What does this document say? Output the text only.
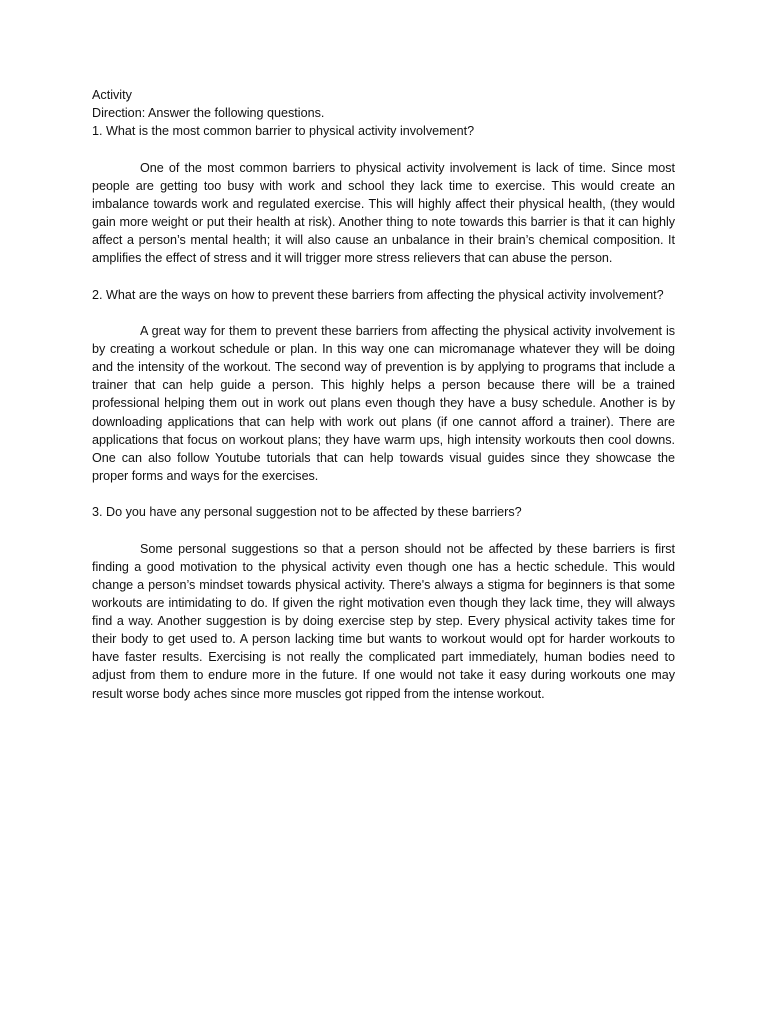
Activity
Direction: Answer the following questions.
1. What is the most common barrier to physical activity involvement?

One of the most common barriers to physical activity involvement is lack of time. Since most people are getting too busy with work and school they lack time to exercise. This would create an imbalance towards work and regulated exercise. This will highly affect their physical health, (they would gain more weight or put their health at risk). Another thing to note towards this barrier is that it can highly affect a person’s mental health; it will also cause an unbalance in their brain’s chemical composition. It amplifies the effect of stress and it will trigger more stress relievers that can abuse the person.

2. What are the ways on how to prevent these barriers from affecting the physical activity involvement?

A great way for them to prevent these barriers from affecting the physical activity involvement is by creating a workout schedule or plan. In this way one can micromanage whatever they will be doing and the intensity of the workout. The second way of prevention is by applying to programs that include a trainer that can help guide a person. This highly helps a person because there will be a trained professional helping them out in work out plans even though they have a busy schedule. Another is by downloading applications that can help with work out plans (if one cannot afford a trainer). There are applications that focus on workout plans; they have warm ups, high intensity workouts then cool downs. One can also follow Youtube tutorials that can help towards visual guides since they showcase the proper forms and ways for the exercises.

3. Do you have any personal suggestion not to be affected by these barriers?

Some personal suggestions so that a person should not be affected by these barriers is first finding a good motivation to the physical activity even though one has a hectic schedule. This would change a person’s mindset towards physical activity. There's always a stigma for beginners is that some workouts are intimidating to do. If given the right motivation even though they lack time, they will always find a way. Another suggestion is by doing exercise step by step. Every physical activity takes time for their body to get used to. A person lacking time but wants to workout would opt for harder workouts to have faster results. Exercising is not really the complicated part immediately, human bodies need to adjust from them to endure more in the future. If one would not take it easy during workouts one may result worse body aches since more muscles got ripped from the intense workout.
